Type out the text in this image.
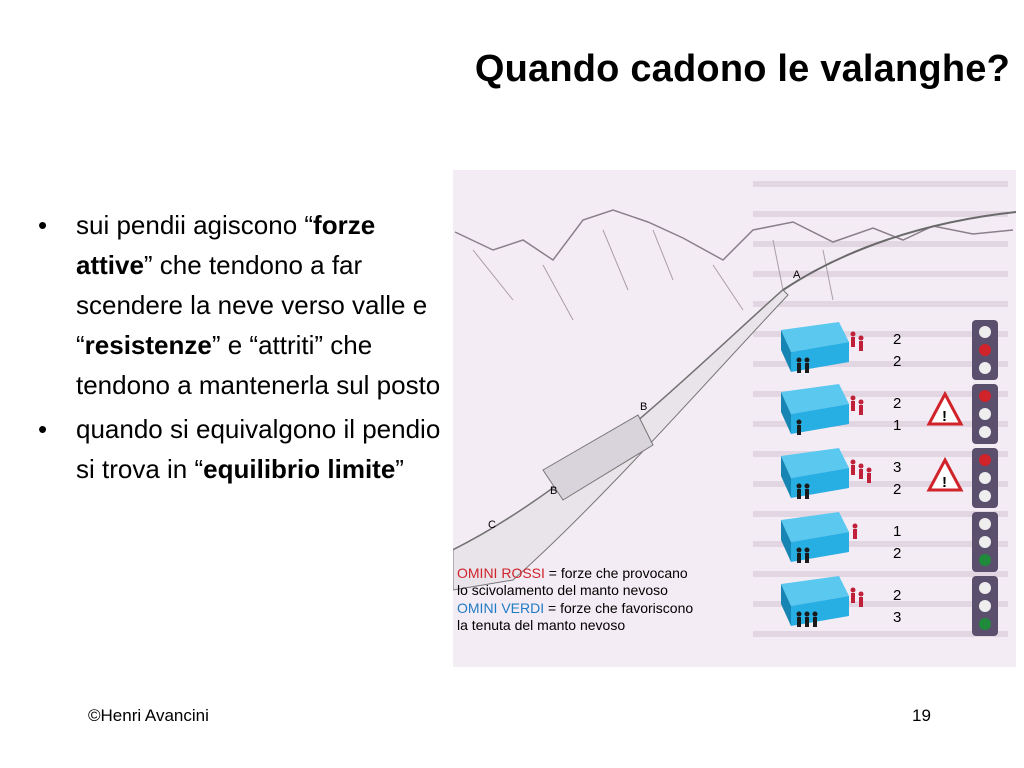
Quando cadono le valanghe?
• sui pendii agiscono “forze attive” che tendono a far scendere la neve verso valle e “resistenze” e “attriti” che tendono a mantenerla sul posto
• quando si equivalgono il pendio si trova in “equilibrio limite”
A
B
B
C
2
2
2
1
!
3
2	!
1
2
2
3
OMINI ROSSI = forze che provocano
lo scivolamento del manto nevoso
OMINI VERDI = forze che favoriscono
la tenuta del manto nevoso
©Henri Avancini	19
